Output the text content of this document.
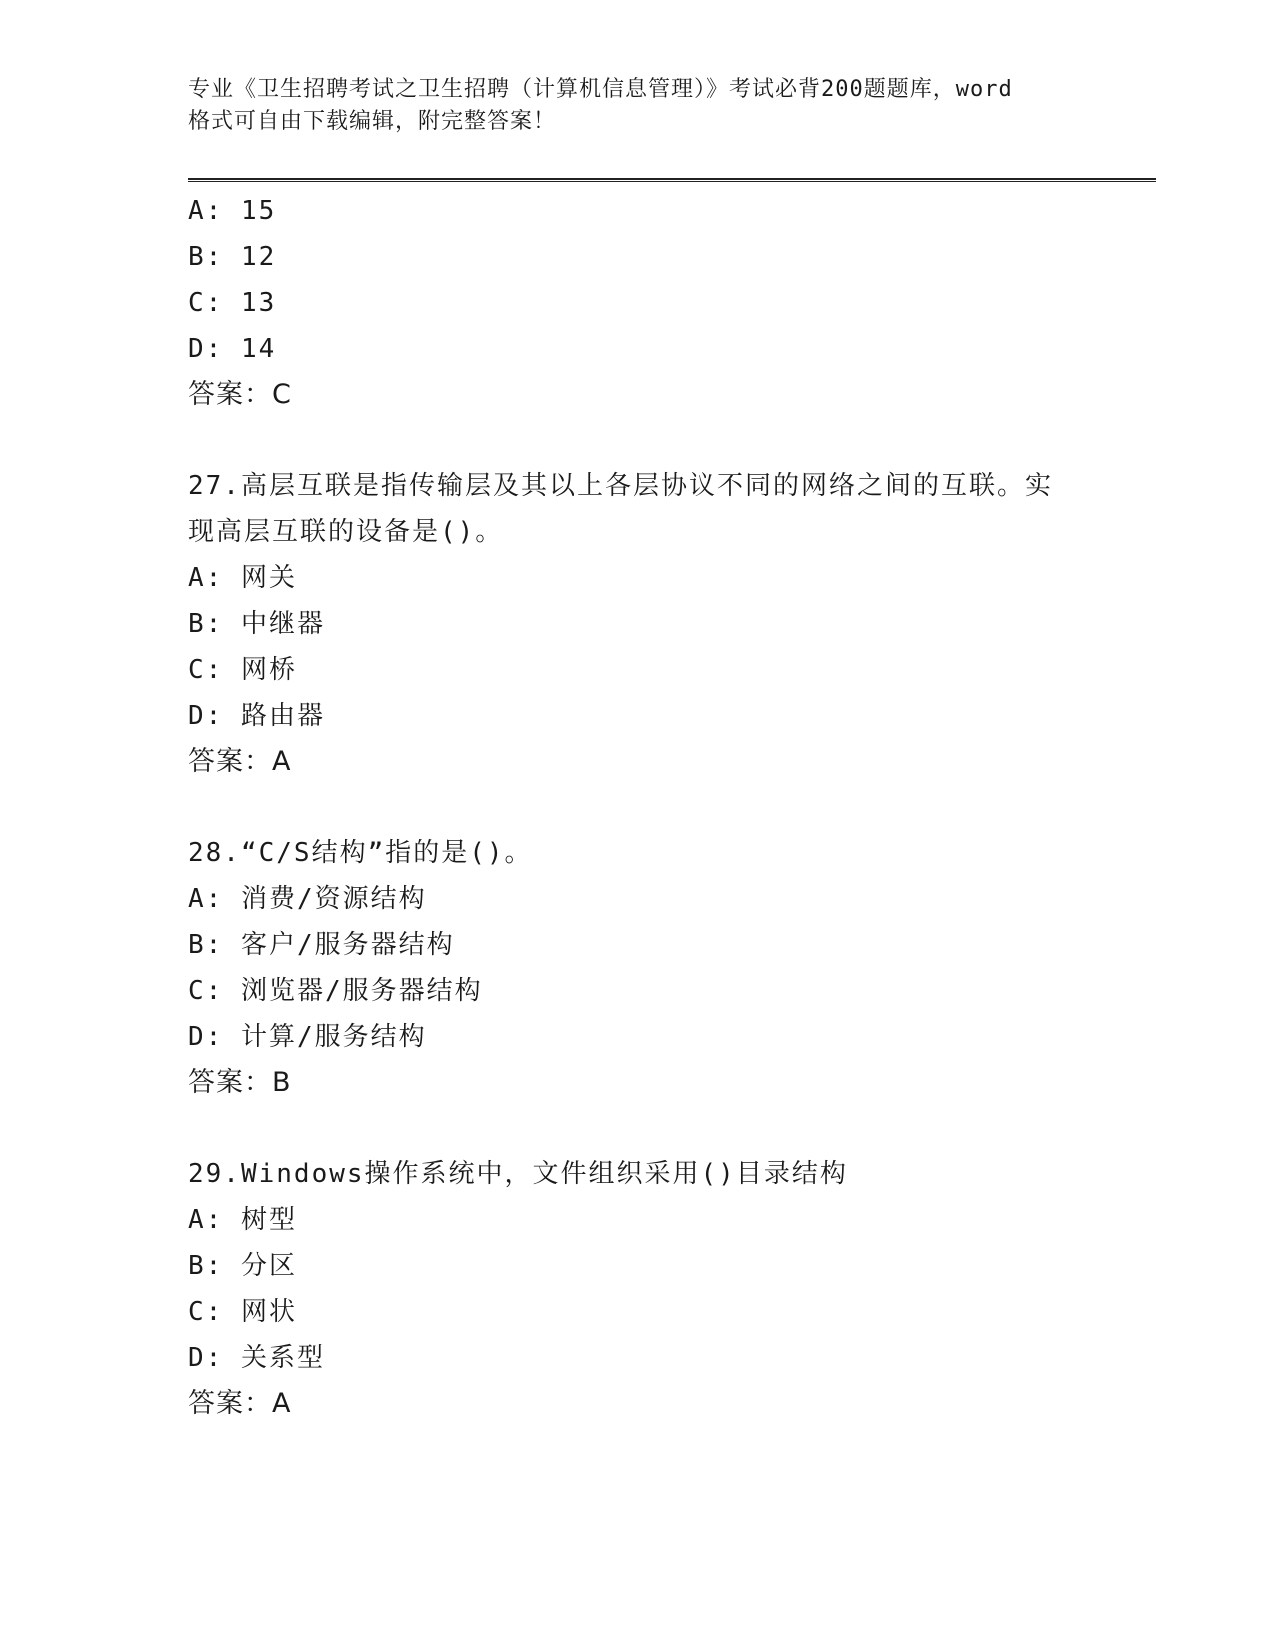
专业《卫生招聘考试之卫生招聘（计算机信息管理）》考试必背200题题库，word
格式可自由下载编辑，附完整答案！
A: 15
B: 12
C: 13
D: 14
答案：C
27.高层互联是指传输层及其以上各层协议不同的网络之间的互联。实现高层互联的设备是()。
A: 网关
B: 中继器
C: 网桥
D: 路由器
答案：A
28.“C/S结构”指的是()。
A: 消费/资源结构
B: 客户/服务器结构
C: 浏览器/服务器结构
D: 计算/服务结构
答案：B
29.Windows操作系统中，文件组织采用()目录结构
A: 树型
B: 分区
C: 网状
D: 关系型
答案：A
